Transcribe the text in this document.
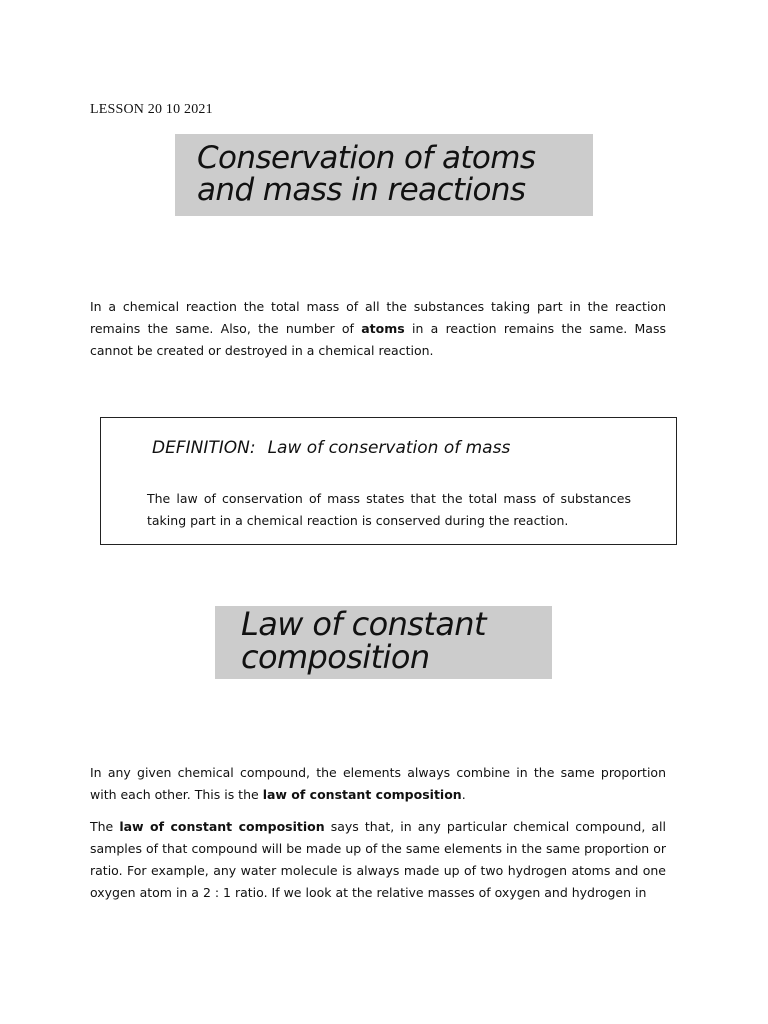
LESSON 20 10 2021
Conservation of atoms
and mass in reactions

In a chemical reaction the total mass of all the substances taking part in the reaction remains the same. Also, the number of atoms in a reaction remains the same. Mass cannot be created or destroyed in a chemical reaction.

DEFINITION: Law of conservation of mass

The law of conservation of mass states that the total mass of substances taking part in a chemical reaction is conserved during the reaction.

Law of constant
composition

In any given chemical compound, the elements always combine in the same proportion with each other. This is the law of constant composition.

The law of constant composition says that, in any particular chemical compound, all samples of that compound will be made up of the same elements in the same proportion or ratio. For example, any water molecule is always made up of two hydrogen atoms and one oxygen atom in a 2 : 1 ratio. If we look at the relative masses of oxygen and hydrogen in
